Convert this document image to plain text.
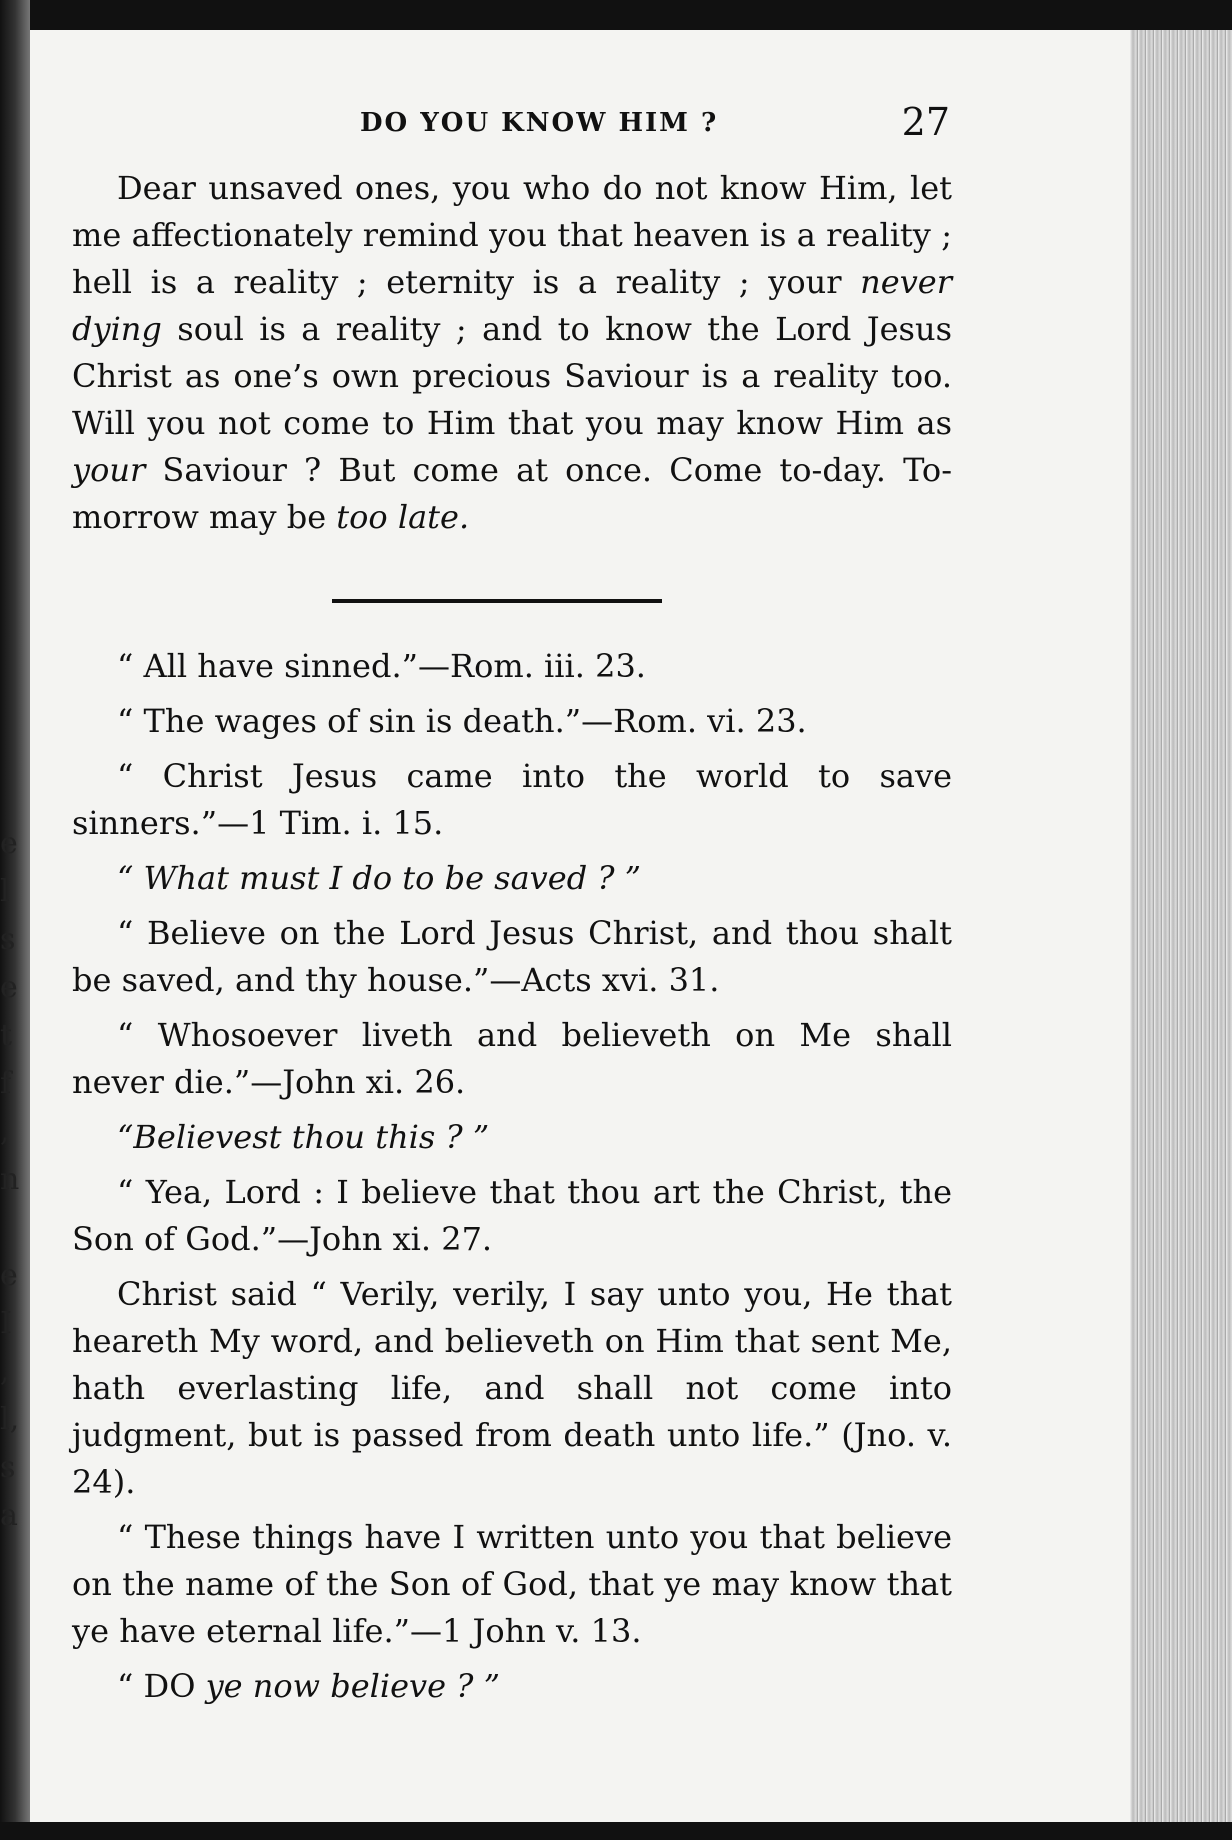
e
l
s
e
t
f
,
n

e
I
,
l,
s
a
DO YOU KNOW HIM ?	27

Dear unsaved ones, you who do not know Him, let me affectionately remind you that heaven is a reality ; hell is a reality ; eternity is a reality ; your never dying soul is a reality ; and to know the Lord Jesus Christ as one’s own precious Saviour is a reality too. Will you not come to Him that you may know Him as your Saviour ? But come at once. Come to-day. To-morrow may be too late.

“ All have sinned.”—Rom. iii. 23.

“ The wages of sin is death.”—Rom. vi. 23.

“ Christ Jesus came into the world to save sinners.”—1 Tim. i. 15.

“ What must I do to be saved ? ”

“ Believe on the Lord Jesus Christ, and thou shalt be saved, and thy house.”—Acts xvi. 31.

“ Whosoever liveth and believeth on Me shall never die.”—John xi. 26.

“Believest thou this ? ”

“ Yea, Lord : I believe that thou art the Christ, the Son of God.”—John xi. 27.

Christ said “ Verily, verily, I say unto you, He that heareth My word, and believeth on Him that sent Me, hath everlasting life, and shall not come into judgment, but is passed from death unto life.” (Jno. v. 24).

“ These things have I written unto you that believe on the name of the Son of God, that ye may know that ye have eternal life.”—1 John v. 13.

“ DO ye now believe ? ”
